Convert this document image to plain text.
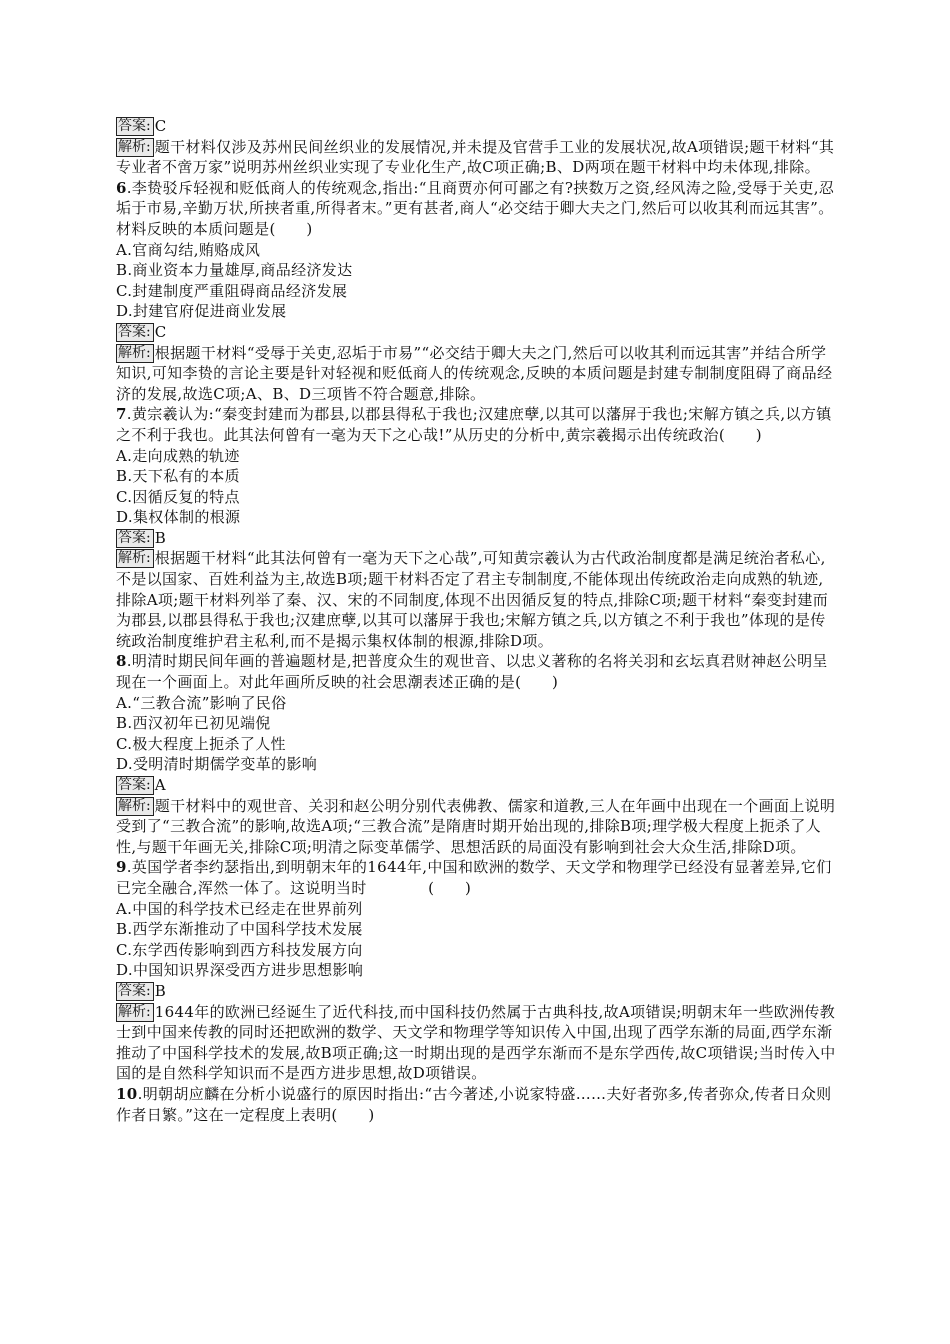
答案: C
解析: 题干材料仅涉及苏州民间丝织业的发展情况,并未提及官营手工业的发展状况,故A项错误;题干材料“其专业者不啻万家”说明苏州丝织业实现了专业化生产,故C项正确;B、D两项在题干材料中均未体现,排除。
6.李贽驳斥轻视和贬低商人的传统观念,指出:“且商贾亦何可鄙之有?挟数万之资,经风涛之险,受辱于关吏,忍垢于市易,辛勤万状,所挟者重,所得者末。”更有甚者,商人“必交结于卿大夫之门,然后可以收其利而远其害”。材料反映的本质问题是(　　)
A.官商勾结,贿赂成风
B.商业资本力量雄厚,商品经济发达
C.封建制度严重阻碍商品经济发展
D.封建官府促进商业发展
答案: C
解析: 根据题干材料“受辱于关吏,忍垢于市易”“必交结于卿大夫之门,然后可以收其利而远其害”并结合所学知识,可知李贽的言论主要是针对轻视和贬低商人的传统观念,反映的本质问题是封建专制制度阻碍了商品经济的发展,故选C项;A、B、D三项皆不符合题意,排除。
7.黄宗羲认为:“秦变封建而为郡县,以郡县得私于我也;汉建庶孽,以其可以藩屏于我也;宋解方镇之兵,以方镇之不利于我也。此其法何曾有一毫为天下之心哉!”从历史的分析中,黄宗羲揭示出传统政治(　　)
A.走向成熟的轨迹
B.天下私有的本质
C.因循反复的特点
D.集权体制的根源
答案: B
解析: 根据题干材料“此其法何曾有一毫为天下之心哉”,可知黄宗羲认为古代政治制度都是满足统治者私心,不是以国家、百姓利益为主,故选B项;题干材料否定了君主专制制度,不能体现出传统政治走向成熟的轨迹,排除A项;题干材料列举了秦、汉、宋的不同制度,体现不出因循反复的特点,排除C项;题干材料“秦变封建而为郡县,以郡县得私于我也;汉建庶孽,以其可以藩屏于我也;宋解方镇之兵,以方镇之不利于我也”体现的是传统政治制度维护君主私利,而不是揭示集权体制的根源,排除D项。
8.明清时期民间年画的普遍题材是,把普度众生的观世音、以忠义著称的名将关羽和玄坛真君财神赵公明呈现在一个画面上。对此年画所反映的社会思潮表述正确的是(　　)
A.“三教合流”影响了民俗
B.西汉初年已初见端倪
C.极大程度上扼杀了人性
D.受明清时期儒学变革的影响
答案: A
解析: 题干材料中的观世音、关羽和赵公明分别代表佛教、儒家和道教,三人在年画中出现在一个画面上说明受到了“三教合流”的影响,故选A项;“三教合流”是隋唐时期开始出现的,排除B项;理学极大程度上扼杀了人性,与题干年画无关,排除C项;明清之际变革儒学、思想活跃的局面没有影响到社会大众生活,排除D项。
9.英国学者李约瑟指出,到明朝末年的1644年,中国和欧洲的数学、天文学和物理学已经没有显著差异,它们已完全融合,浑然一体了。这说明当时　　　　(　　)
A.中国的科学技术已经走在世界前列
B.西学东渐推动了中国科学技术发展
C.东学西传影响到西方科技发展方向
D.中国知识界深受西方进步思想影响
答案: B
解析: 1644年的欧洲已经诞生了近代科技,而中国科技仍然属于古典科技,故A项错误;明朝末年一些欧洲传教士到中国来传教的同时还把欧洲的数学、天文学和物理学等知识传入中国,出现了西学东渐的局面,西学东渐推动了中国科学技术的发展,故B项正确;这一时期出现的是西学东渐而不是东学西传,故C项错误;当时传入中国的是自然科学知识而不是西方进步思想,故D项错误。
10.明朝胡应麟在分析小说盛行的原因时指出:“古今著述,小说家特盛……夫好者弥多,传者弥众,传者日众则作者日繁。”这在一定程度上表明(　　)
